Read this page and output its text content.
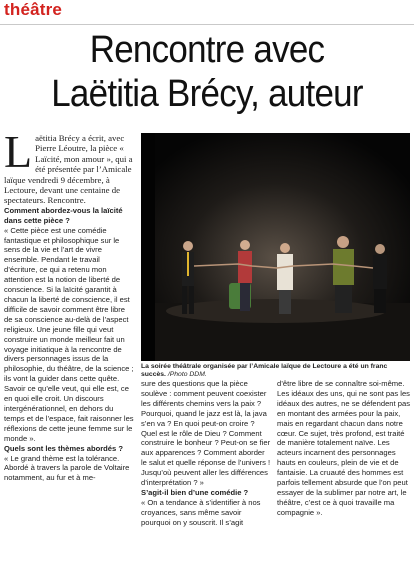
théâtre
Rencontre avec
Laëtitia Brécy, auteur

Laëtitia Brécy a écrit, avec Pierre Léoutre, la pièce « Laïcité, mon amour », qui a été présentée par l’Amicale laïque vendredi 9 décembre, à Lectoure, devant une centaine de spectateurs. Rencontre.

Comment abordez-vous la laïcité dans cette pièce ?

« Cette pièce est une comédie fantastique et philosophique sur le sens de la vie et l’art de vivre ensemble. Pendant le travail d’écriture, ce qui a retenu mon attention est la notion de liberté de conscience. Si la laïcité garantit à chacun la liberté de conscience, il est difficile de savoir comment être libre de sa conscience au-delà de l’aspect religieux. Une jeune fille qui veut construire un monde meilleur fait un voyage initiatique à la rencontre de divers personnages issus de la philosophie, du théâtre, de la science ; ils vont la guider dans cette quête. Savoir ce qu’elle veut, qui elle est, ce en quoi elle croit. Un discours intergénérationnel, en dehors du temps et de l’espace, fait raisonner les réflexions de cette jeune femme sur le monde ».

Quels sont les thèmes abordés ?

« Le grand thème est la tolérance. Abordé à travers la parole de Voltaire notamment, au fur et à me-

La soirée théâtrale organisée par l’Amicale laïque de Lectoure a été un franc succès. /Photo DDM.

sure des questions que la pièce soulève : comment peuvent coexister les différents chemins vers la paix ? Pourquoi, quand le jazz est là, la java s’en va ? En quoi peut-on croire ? Quel est le rôle de Dieu ? Comment construire le bonheur ? Peut-on se fier aux apparences ? Comment aborder le salut et quelle réponse de l’univers ! Jusqu’où peuvent aller les différences d’interprétation ? »

S’agit-il bien d’une comédie ?

« On a tendance à s’identifier à nos croyances, sans même savoir pourquoi on y souscrit. Il s’agit

d’être libre de se connaître soi-même. Les idéaux des uns, qui ne sont pas les idéaux des autres, ne se défendent pas en montant des armées pour la paix, mais en regardant chacun dans notre cœur. Ce sujet, très profond, est traité de manière totalement naïve. Les acteurs incarnent des personnages hauts en couleurs, plein de vie et de fantaisie. La cruauté des hommes est parfois tellement absurde que l’on peut essayer de la sublimer par notre art, le théâtre, c’est ce à quoi travaille ma compagnie ».
